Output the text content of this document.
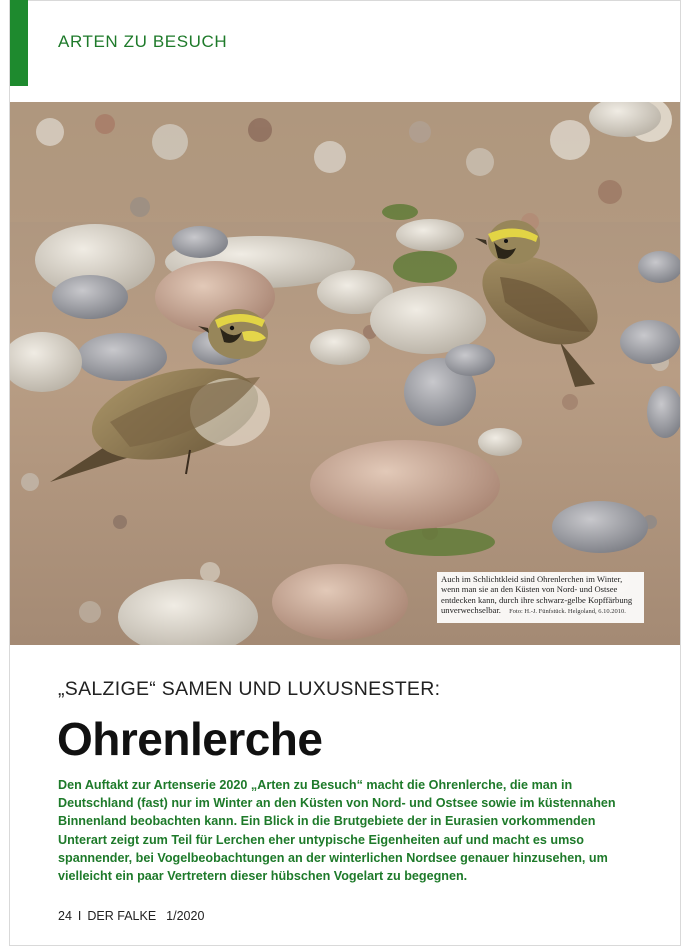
ARTEN ZU BESUCH
Auch im Schlichtkleid sind Ohrenlerchen im Winter, wenn man sie an den Küsten von Nord- und Ostsee entdecken kann, durch ihre schwarz-gelbe Kopffärbung unverwechselbar. Foto: H.-J. Fünfstück. Helgoland, 6.10.2010.
„SALZIGE“ SAMEN UND LUXUSNESTER:
Ohrenlerche
Den Auftakt zur Artenserie 2020 „Arten zu Besuch“ macht die Ohrenlerche, die man in Deutschland (fast) nur im Winter an den Küsten von Nord- und Ostsee sowie im küstennahen Binnenland beobachten kann. Ein Blick in die Brutgebiete der in Eurasien vorkommenden Unterart zeigt zum Teil für Lerchen eher untypische Eigenheiten auf und macht es umso spannender, bei Vogelbeobachtungen an der winterlichen Nordsee genauer hinzusehen, um vielleicht ein paar Vertretern dieser hübschen Vogelart zu begegnen.
24 I DER FALKE 1/2020
